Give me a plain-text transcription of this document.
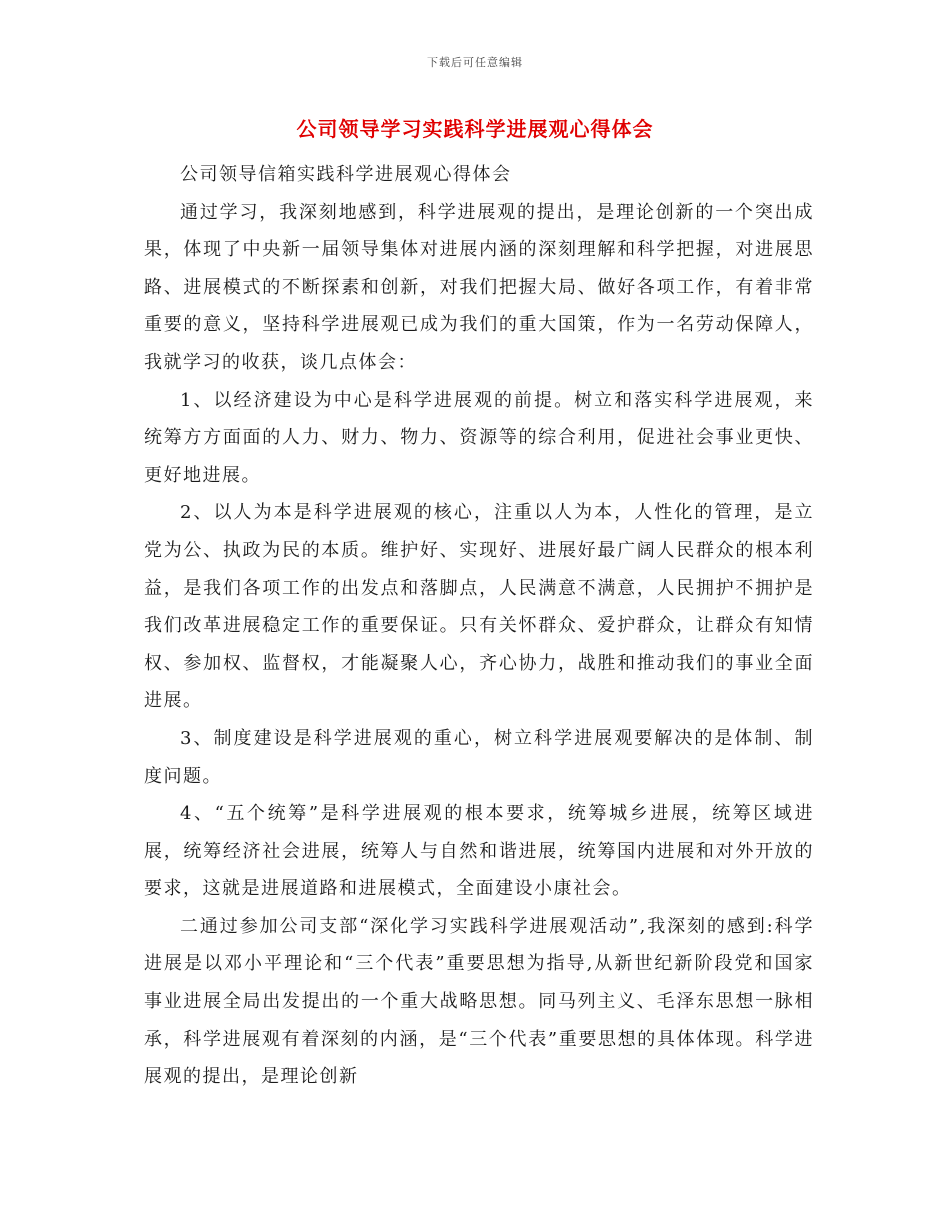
下载后可任意编辑
公司领导学习实践科学进展观心得体会

公司领导信箱实践科学进展观心得体会

通过学习，我深刻地感到，科学进展观的提出，是理论创新的一个突出成果，体现了中央新一届领导集体对进展内涵的深刻理解和科学把握，对进展思路、进展模式的不断探素和创新，对我们把握大局、做好各项工作，有着非常重要的意义，坚持科学进展观已成为我们的重大国策，作为一名劳动保障人，我就学习的收获，谈几点体会：

1、以经济建设为中心是科学进展观的前提。树立和落实科学进展观，来统筹方方面面的人力、财力、物力、资源等的综合利用，促进社会事业更快、更好地进展。

2、以人为本是科学进展观的核心，注重以人为本，人性化的管理，是立党为公、执政为民的本质。维护好、实现好、进展好最广阔人民群众的根本利益，是我们各项工作的出发点和落脚点，人民满意不满意，人民拥护不拥护是我们改革进展稳定工作的重要保证。只有关怀群众、爱护群众，让群众有知情权、参加权、监督权，才能凝聚人心，齐心协力，战胜和推动我们的事业全面进展。

3、制度建设是科学进展观的重心，树立科学进展观要解决的是体制、制度问题。

4、“五个统筹”是科学进展观的根本要求，统筹城乡进展，统筹区域进展，统筹经济社会进展，统筹人与自然和谐进展，统筹国内进展和对外开放的要求，这就是进展道路和进展模式，全面建设小康社会。

二通过参加公司支部“深化学习实践科学进展观活动”,我深刻的感到:科学进展是以邓小平理论和“三个代表”重要思想为指导,从新世纪新阶段党和国家事业进展全局出发提出的一个重大战略思想。同马列主义、毛泽东思想一脉相承，科学进展观有着深刻的内涵，是“三个代表”重要思想的具体体现。科学进展观的提出，是理论创新
